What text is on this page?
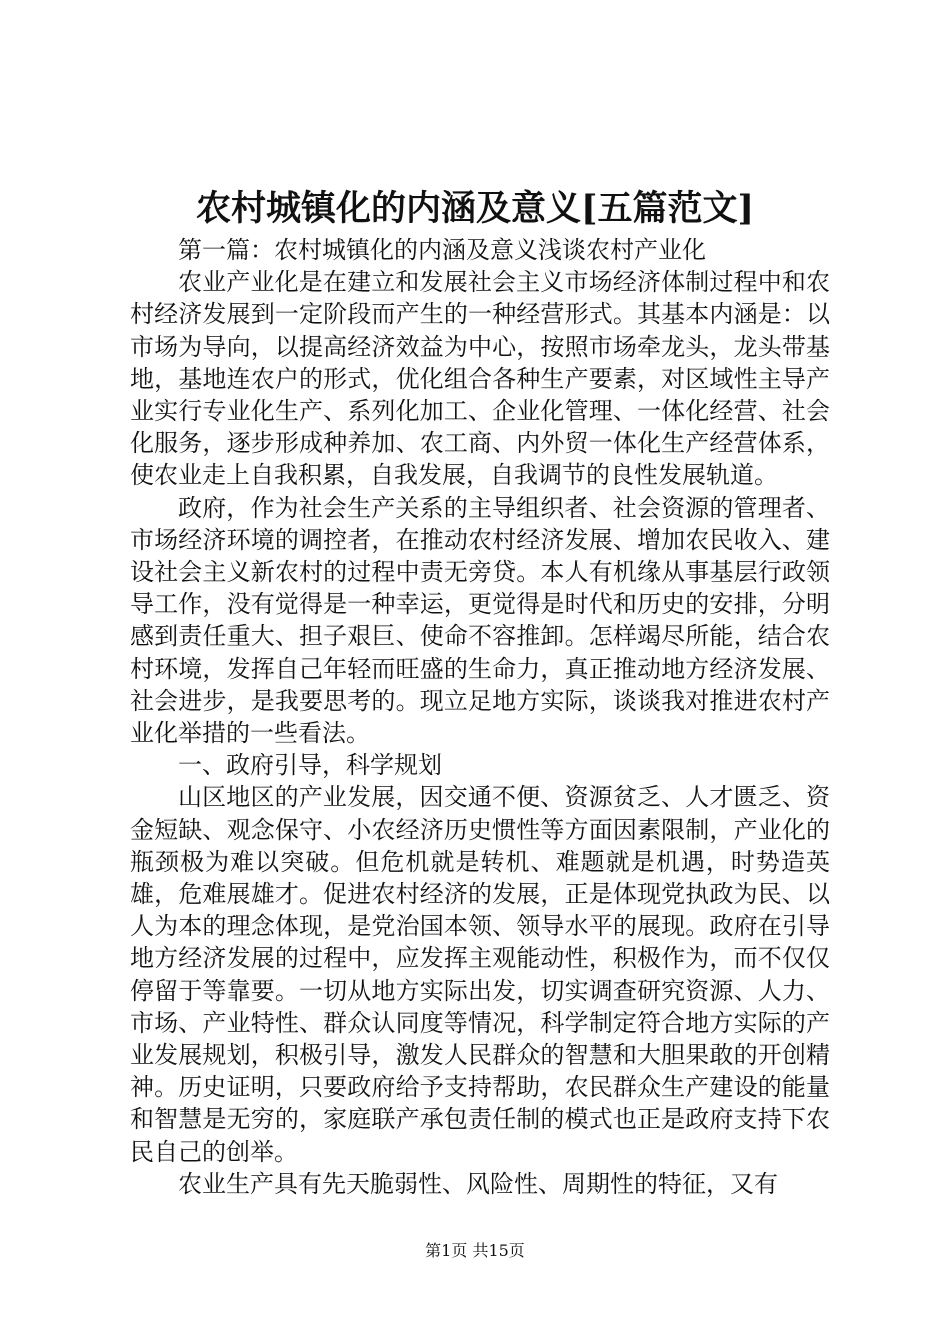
农村城镇化的内涵及意义[五篇范文]

第一篇：农村城镇化的内涵及意义浅谈农村产业化

农业产业化是在建立和发展社会主义市场经济体制过程中和农村经济发展到一定阶段而产生的一种经营形式。其基本内涵是：以市场为导向，以提高经济效益为中心，按照市场牵龙头，龙头带基地，基地连农户的形式，优化组合各种生产要素，对区域性主导产业实行专业化生产、系列化加工、企业化管理、一体化经营、社会化服务，逐步形成种养加、农工商、内外贸一体化生产经营体系，使农业走上自我积累，自我发展，自我调节的良性发展轨道。

政府，作为社会生产关系的主导组织者、社会资源的管理者、市场经济环境的调控者，在推动农村经济发展、增加农民收入、建设社会主义新农村的过程中责无旁贷。本人有机缘从事基层行政领导工作，没有觉得是一种幸运，更觉得是时代和历史的安排，分明感到责任重大、担子艰巨、使命不容推卸。怎样竭尽所能，结合农村环境，发挥自己年轻而旺盛的生命力，真正推动地方经济发展、社会进步，是我要思考的。现立足地方实际，谈谈我对推进农村产业化举措的一些看法。

一、政府引导，科学规划

山区地区的产业发展，因交通不便、资源贫乏、人才匮乏、资金短缺、观念保守、小农经济历史惯性等方面因素限制，产业化的瓶颈极为难以突破。但危机就是转机、难题就是机遇，时势造英雄，危难展雄才。促进农村经济的发展，正是体现党执政为民、以人为本的理念体现，是党治国本领、领导水平的展现。政府在引导地方经济发展的过程中，应发挥主观能动性，积极作为，而不仅仅停留于等靠要。一切从地方实际出发，切实调查研究资源、人力、市场、产业特性、群众认同度等情况，科学制定符合地方实际的产业发展规划，积极引导，激发人民群众的智慧和大胆果敢的开创精神。历史证明，只要政府给予支持帮助，农民群众生产建设的能量和智慧是无穷的，家庭联产承包责任制的模式也正是政府支持下农民自己的创举。

农业生产具有先天脆弱性、风险性、周期性的特征，又有

第1页 共15页
